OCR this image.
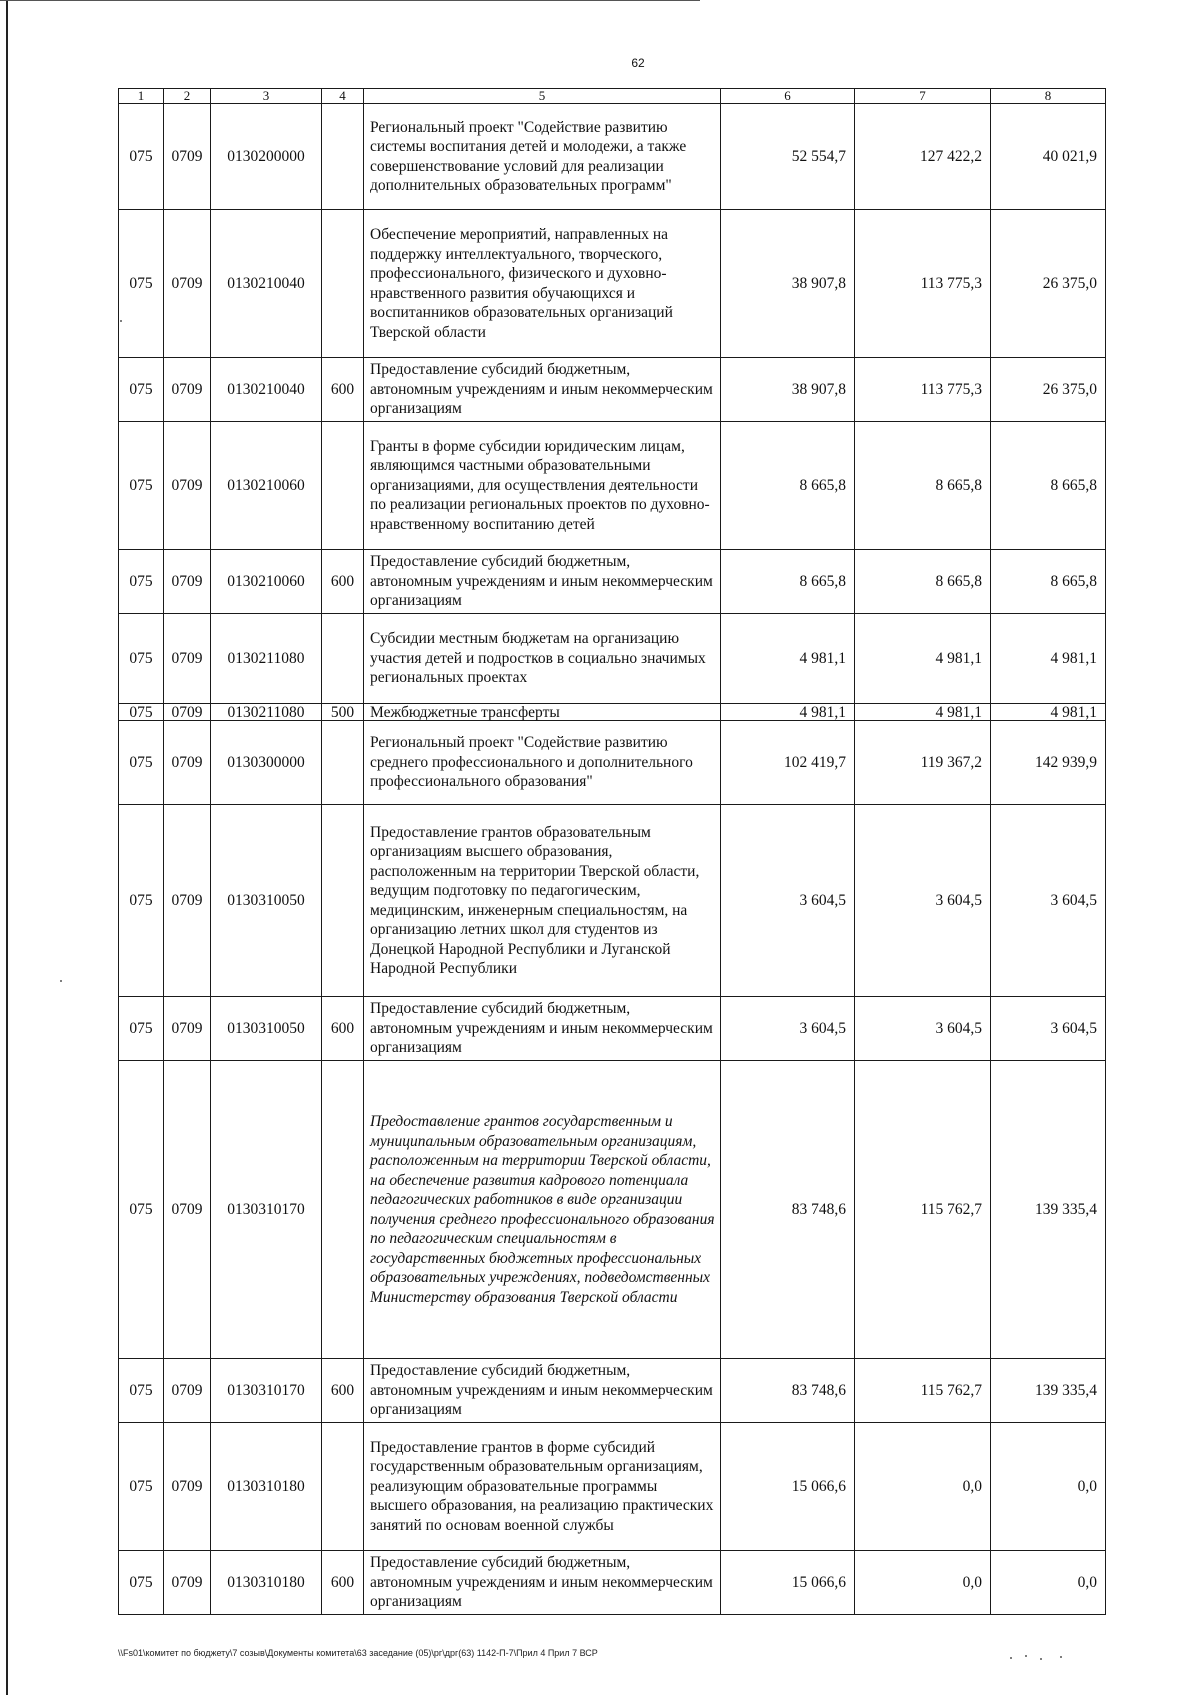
62
1	2	3	4	5	6	7	8
075	0709	0130200000		Региональный проект "Содействие развитию системы воспитания детей и молодежи, а также совершенствование условий для реализации дополнительных образовательных программ"	52 554,7	127 422,2	40 021,9
075	0709	0130210040		Обеспечение мероприятий, направленных на поддержку интеллектуального, творческого, профессионального, физического и духовно-нравственного развития обучающихся и воспитанников образовательных организаций Тверской области	38 907,8	113 775,3	26 375,0
075	0709	0130210040	600	Предоставление субсидий бюджетным, автономным учреждениям и иным некоммерческим организациям	38 907,8	113 775,3	26 375,0
075	0709	0130210060		Гранты в форме субсидии юридическим лицам, являющимся частными образовательными организациями, для осуществления деятельности по реализации региональных проектов по духовно-нравственному воспитанию детей	8 665,8	8 665,8	8 665,8
075	0709	0130210060	600	Предоставление субсидий бюджетным, автономным учреждениям и иным некоммерческим организациям	8 665,8	8 665,8	8 665,8
075	0709	0130211080		Субсидии местным бюджетам на организацию участия детей и подростков в социально значимых региональных проектах	4 981,1	4 981,1	4 981,1
075	0709	0130211080	500	Межбюджетные трансферты	4 981,1	4 981,1	4 981,1
075	0709	0130300000		Региональный проект "Содействие развитию среднего профессионального и дополнительного профессионального образования"	102 419,7	119 367,2	142 939,9
075	0709	0130310050		Предоставление грантов образовательным организациям высшего образования, расположенным на территории Тверской области, ведущим подготовку по педагогическим, медицинским, инженерным специальностям, на организацию летних школ для студентов из Донецкой Народной Республики и Луганской Народной Республики	3 604,5	3 604,5	3 604,5
075	0709	0130310050	600	Предоставление субсидий бюджетным, автономным учреждениям и иным некоммерческим организациям	3 604,5	3 604,5	3 604,5
075	0709	0130310170		Предоставление грантов государственным и муниципальным образовательным организациям, расположенным на территории Тверской области, на обеспечение развития кадрового потенциала педагогических работников в виде организации получения среднего профессионального образования по педагогическим специальностям в государственных бюджетных профессиональных образовательных учреждениях, подведомственных Министерству образования Тверской области	83 748,6	115 762,7	139 335,4
075	0709	0130310170	600	Предоставление субсидий бюджетным, автономным учреждениям и иным некоммерческим организациям	83 748,6	115 762,7	139 335,4
075	0709	0130310180		Предоставление грантов в форме субсидий государственным образовательным организациям, реализующим образовательные программы высшего образования, на реализацию практических занятий по основам военной службы	15 066,6	0,0	0,0
075	0709	0130310180	600	Предоставление субсидий бюджетным, автономным учреждениям и иным некоммерческим организациям	15 066,6	0,0	0,0
\\Fs01\комитет по бюджету\7 созыв\Документы комитета\63 заседание (05)\рг\дрг(63) 1142-П-7\Прил 4 Прил 7 ВСР
